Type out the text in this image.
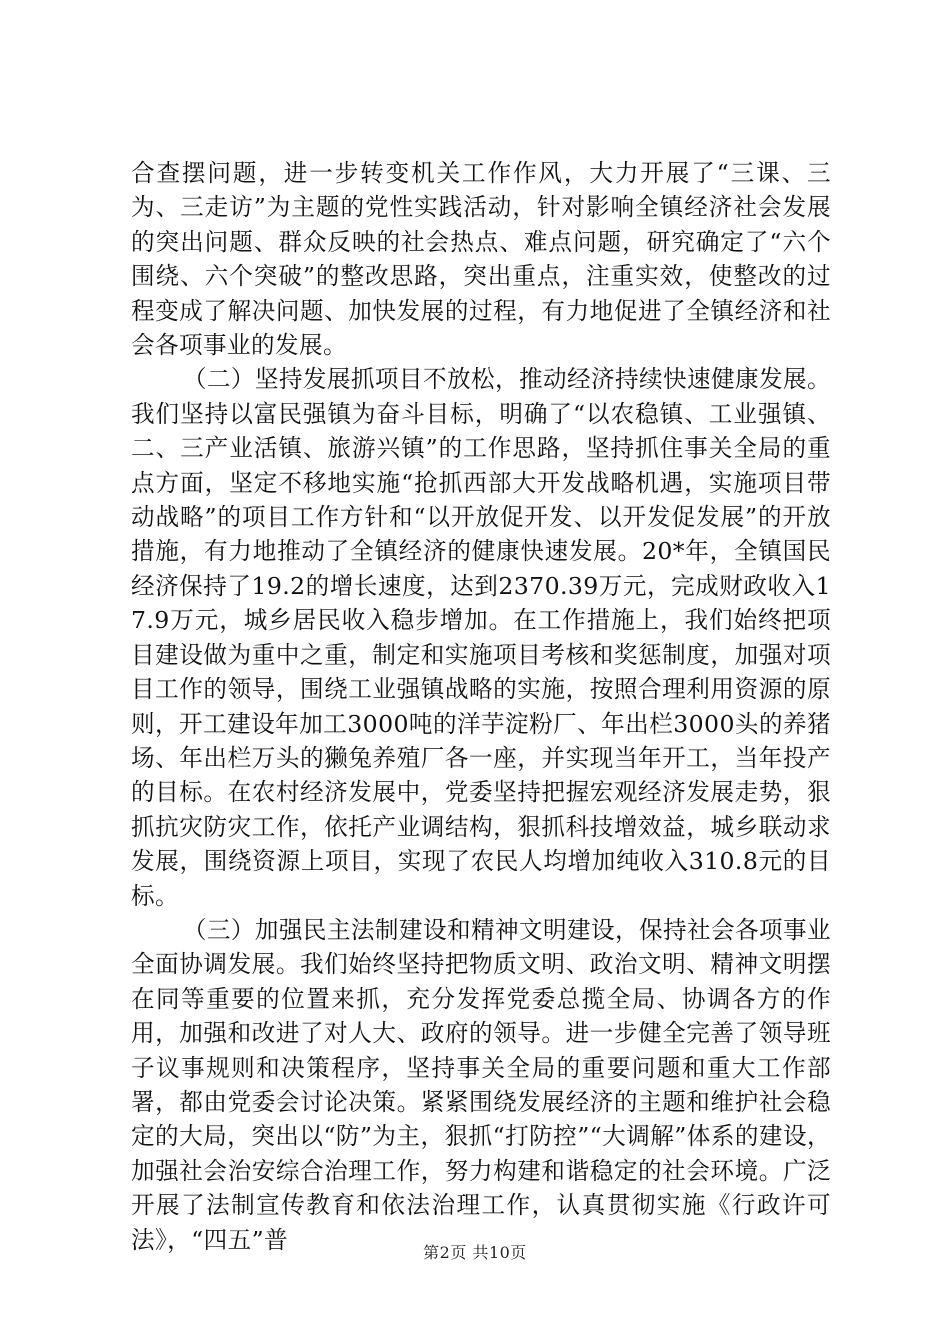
合查摆问题，进一步转变机关工作作风，大力开展了“三课、三为、三走访”为主题的党性实践活动，针对影响全镇经济社会发展的突出问题、群众反映的社会热点、难点问题，研究确定了“六个围绕、六个突破”的整改思路，突出重点，注重实效，使整改的过程变成了解决问题、加快发展的过程，有力地促进了全镇经济和社会各项事业的发展。

（二）坚持发展抓项目不放松，推动经济持续快速健康发展。我们坚持以富民强镇为奋斗目标，明确了“以农稳镇、工业强镇、二、三产业活镇、旅游兴镇”的工作思路，坚持抓住事关全局的重点方面，坚定不移地实施“抢抓西部大开发战略机遇，实施项目带动战略”的项目工作方针和“以开放促开发、以开发促发展”的开放措施，有力地推动了全镇经济的健康快速发展。20*年，全镇国民经济保持了19.2的增长速度，达到2370.39万元，完成财政收入17.9万元，城乡居民收入稳步增加。在工作措施上，我们始终把项目建设做为重中之重，制定和实施项目考核和奖惩制度，加强对项目工作的领导，围绕工业强镇战略的实施，按照合理利用资源的原则，开工建设年加工3000吨的洋芋淀粉厂、年出栏3000头的养猪场、年出栏万头的獭兔养殖厂各一座，并实现当年开工，当年投产的目标。在农村经济发展中，党委坚持把握宏观经济发展走势，狠抓抗灾防灾工作，依托产业调结构，狠抓科技增效益，城乡联动求发展，围绕资源上项目，实现了农民人均增加纯收入310.8元的目标。

（三）加强民主法制建设和精神文明建设，保持社会各项事业全面协调发展。我们始终坚持把物质文明、政治文明、精神文明摆在同等重要的位置来抓，充分发挥党委总揽全局、协调各方的作用，加强和改进了对人大、政府的领导。进一步健全完善了领导班子议事规则和决策程序，坚持事关全局的重要问题和重大工作部署，都由党委会讨论决策。紧紧围绕发展经济的主题和维护社会稳定的大局，突出以“防”为主，狠抓“打防控”“大调解”体系的建设，加强社会治安综合治理工作，努力构建和谐稳定的社会环境。广泛开展了法制宣传教育和依法治理工作，认真贯彻实施《行政许可法》，“四五”普	第2页 共10页
